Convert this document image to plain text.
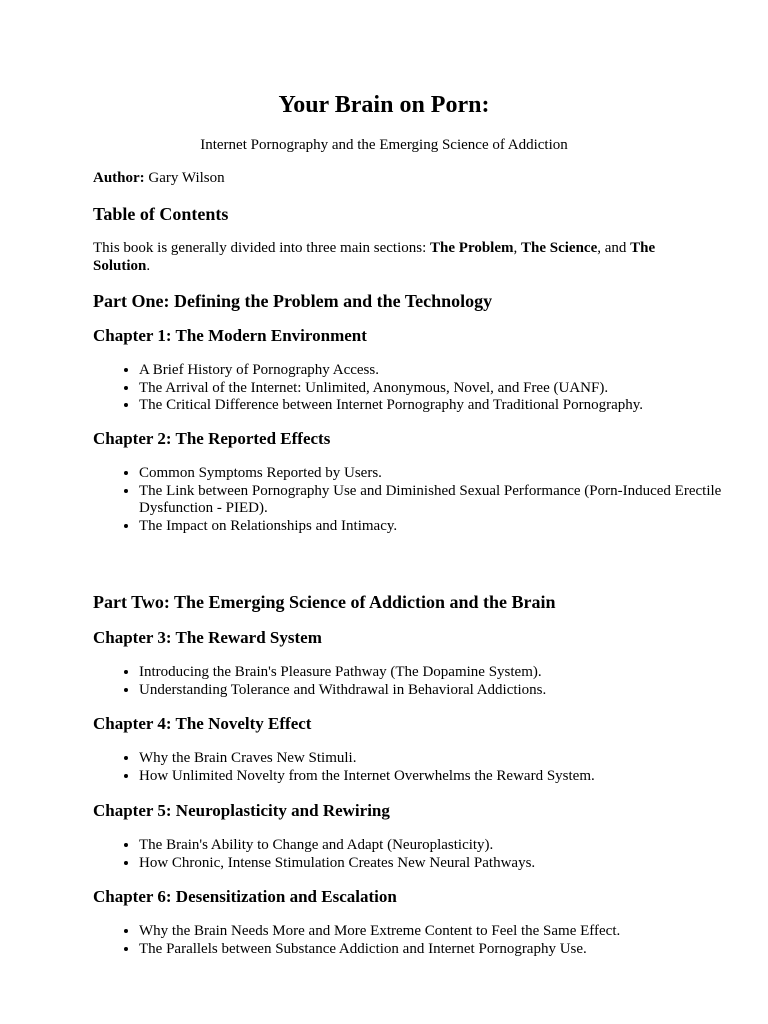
Your Brain on Porn:

Internet Pornography and the Emerging Science of Addiction

Author: Gary Wilson

Table of Contents

This book is generally divided into three main sections: The Problem, The Science, and The Solution.

Part One: Defining the Problem and the Technology
Chapter 1: The Modern Environment
• A Brief History of Pornography Access.
• The Arrival of the Internet: Unlimited, Anonymous, Novel, and Free (UANF).
• The Critical Difference between Internet Pornography and Traditional Pornography.
Chapter 2: The Reported Effects
• Common Symptoms Reported by Users.
• The Link between Pornography Use and Diminished Sexual Performance (Porn-Induced Erectile Dysfunction - PIED).
• The Impact on Relationships and Intimacy.
Part Two: The Emerging Science of Addiction and the Brain
Chapter 3: The Reward System
• Introducing the Brain's Pleasure Pathway (The Dopamine System).
• Understanding Tolerance and Withdrawal in Behavioral Addictions.
Chapter 4: The Novelty Effect
• Why the Brain Craves New Stimuli.
• How Unlimited Novelty from the Internet Overwhelms the Reward System.
Chapter 5: Neuroplasticity and Rewiring
• The Brain's Ability to Change and Adapt (Neuroplasticity).
• How Chronic, Intense Stimulation Creates New Neural Pathways.
Chapter 6: Desensitization and Escalation
• Why the Brain Needs More and More Extreme Content to Feel the Same Effect.
• The Parallels between Substance Addiction and Internet Pornography Use.
